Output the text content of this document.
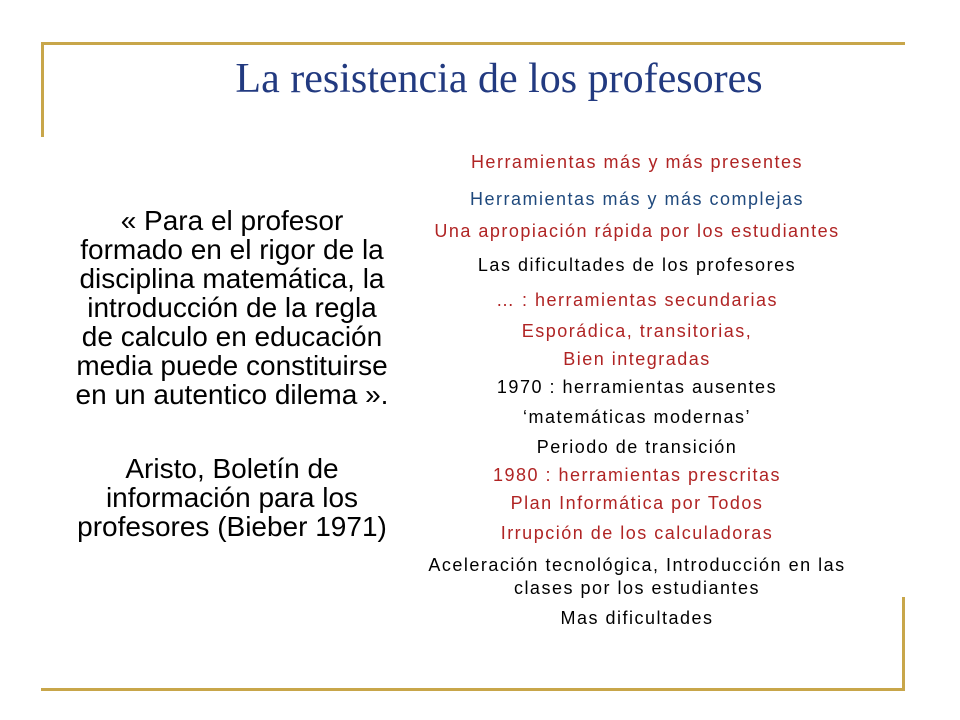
La resistencia de los profesores
« Para el profesor
formado en el rigor de la
disciplina matemática, la
introducción de la regla
de calculo en educación
media puede constituirse
en un autentico dilema ».
Aristo, Boletín de
información para los
profesores (Bieber 1971)
Herramientas más y más presentes
Herramientas más y más complejas
Una apropiación rápida por los estudiantes
Las dificultades de los profesores
… : herramientas secundarias
Esporádica, transitorias,
Bien integradas
1970 : herramientas ausentes
‘matemáticas modernas’
Periodo de transición
1980 : herramientas prescritas
Plan Informática por Todos
Irrupción de los calculadoras
Aceleración tecnológica, Introducción en las clases por los estudiantes
Mas dificultades
